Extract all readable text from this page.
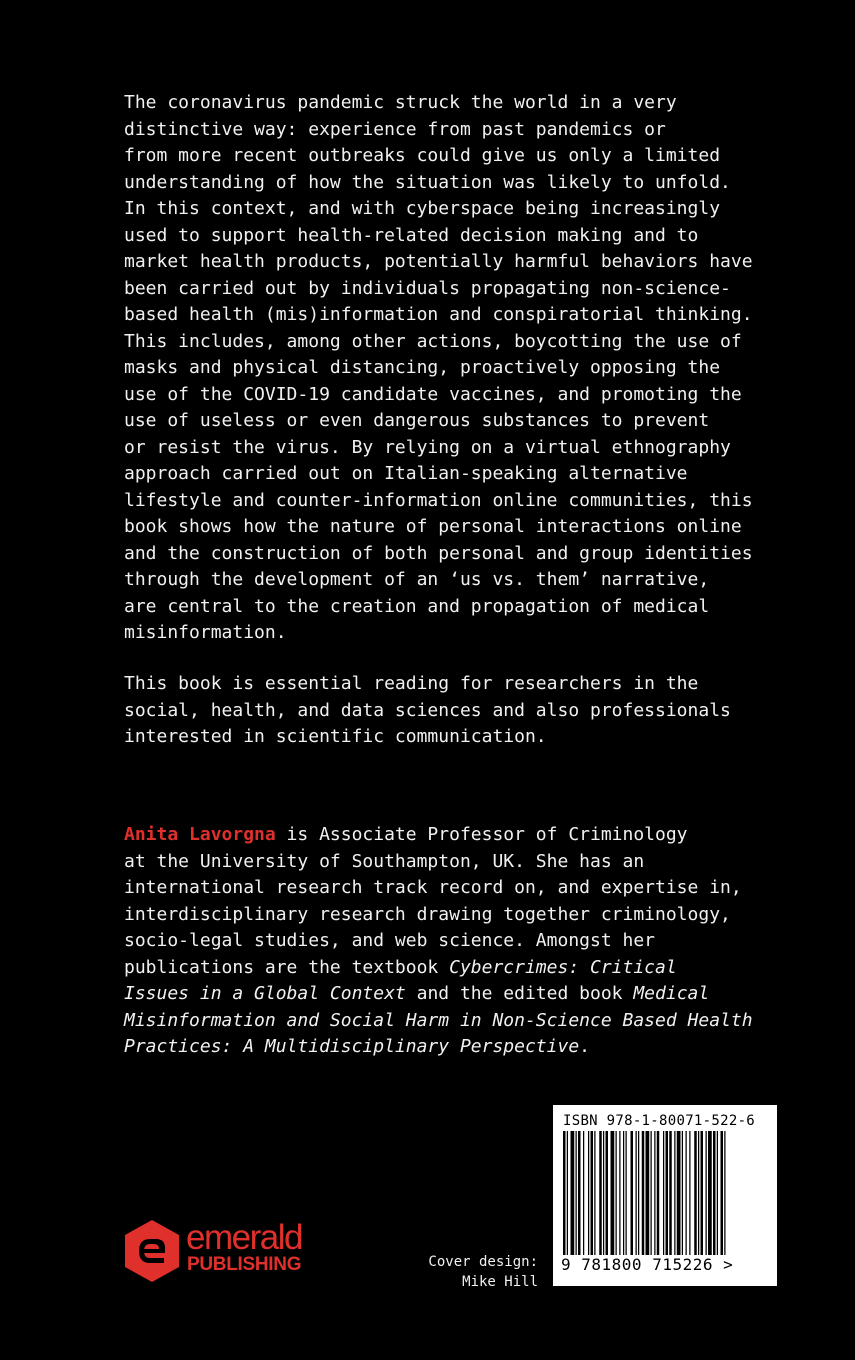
The coronavirus pandemic struck the world in a very
distinctive way: experience from past pandemics or
from more recent outbreaks could give us only a limited
understanding of how the situation was likely to unfold.
In this context, and with cyberspace being increasingly
used to support health-related decision making and to
market health products, potentially harmful behaviors have
been carried out by individuals propagating non-science-
based health (mis)information and conspiratorial thinking.
This includes, among other actions, boycotting the use of
masks and physical distancing, proactively opposing the
use of the COVID-19 candidate vaccines, and promoting the
use of useless or even dangerous substances to prevent
or resist the virus. By relying on a virtual ethnography
approach carried out on Italian-speaking alternative
lifestyle and counter-information online communities, this
book shows how the nature of personal interactions online
and the construction of both personal and group identities
through the development of an ‘us vs. them’ narrative,
are central to the creation and propagation of medical
misinformation.
This book is essential reading for researchers in the
social, health, and data sciences and also professionals
interested in scientific communication.
Anita Lavorgna is Associate Professor of Criminology
at the University of Southampton, UK. She has an
international research track record on, and expertise in,
interdisciplinary research drawing together criminology,
socio-legal studies, and web science. Amongst her
publications are the textbook Cybercrimes: Critical
Issues in a Global Context and the edited book Medical
Misinformation and Social Harm in Non-Science Based Health
Practices: A Multidisciplinary Perspective.
emerald
PUBLISHING	Cover design:
Mike Hill
ISBN 978-1-80071-522-6
9 781800 715226 >
